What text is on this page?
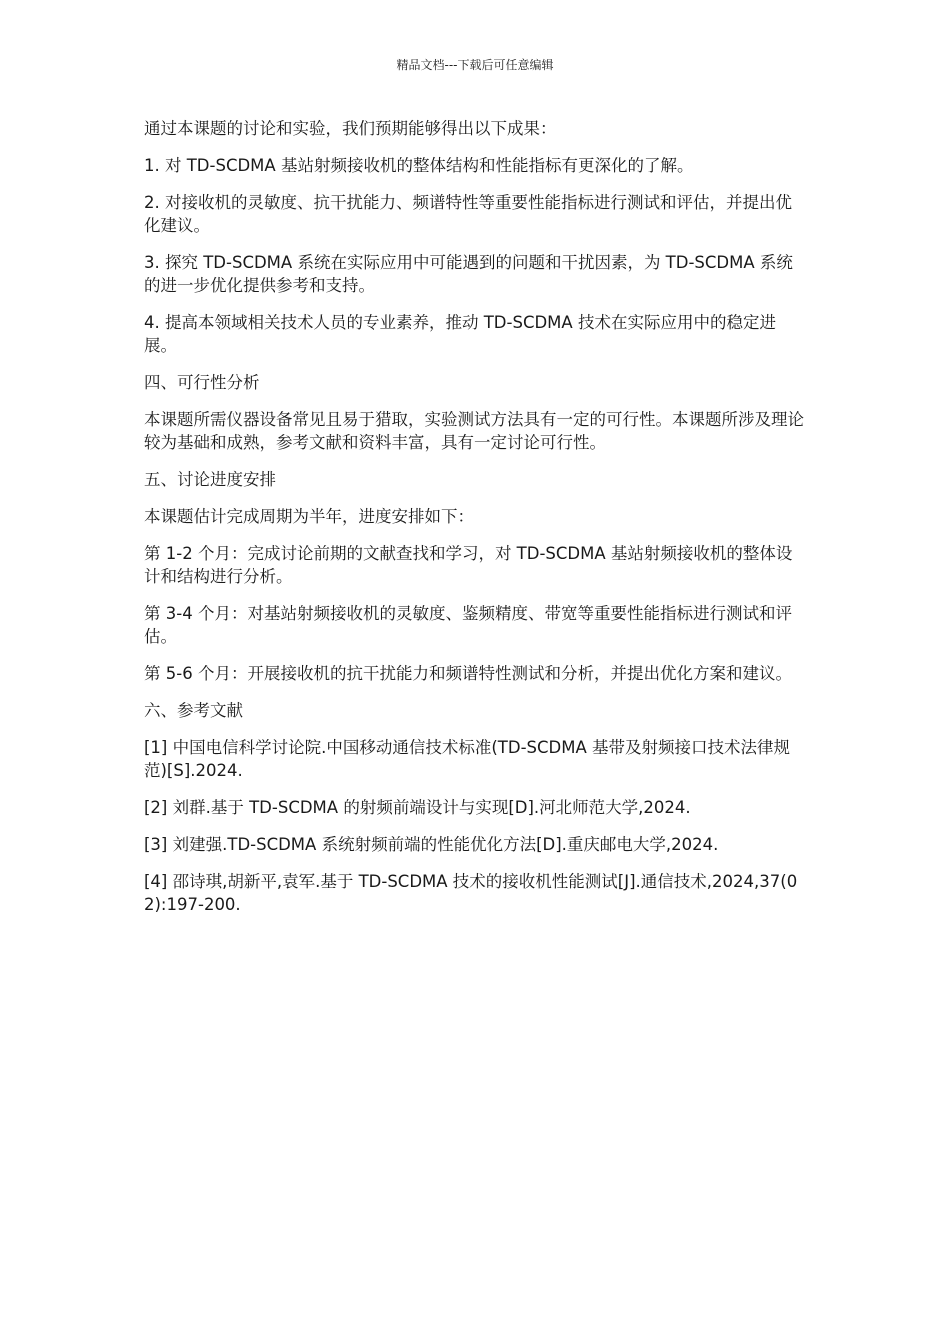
精品文档---下载后可任意编辑

通过本课题的讨论和实验，我们预期能够得出以下成果：

1. 对 TD-SCDMA 基站射频接收机的整体结构和性能指标有更深化的了解。

2. 对接收机的灵敏度、抗干扰能力、频谱特性等重要性能指标进行测试和评估，并提出优化建议。

3. 探究 TD-SCDMA 系统在实际应用中可能遇到的问题和干扰因素，为 TD-SCDMA 系统的进一步优化提供参考和支持。

4. 提高本领域相关技术人员的专业素养，推动 TD-SCDMA 技术在实际应用中的稳定进展。

四、可行性分析

本课题所需仪器设备常见且易于猎取，实验测试方法具有一定的可行性。本课题所涉及理论较为基础和成熟，参考文献和资料丰富，具有一定讨论可行性。

五、讨论进度安排

本课题估计完成周期为半年，进度安排如下：

第 1-2 个月：完成讨论前期的文献查找和学习，对 TD-SCDMA 基站射频接收机的整体设计和结构进行分析。

第 3-4 个月：对基站射频接收机的灵敏度、鉴频精度、带宽等重要性能指标进行测试和评估。

第 5-6 个月：开展接收机的抗干扰能力和频谱特性测试和分析，并提出优化方案和建议。

六、参考文献

[1] 中国电信科学讨论院.中国移动通信技术标准(TD-SCDMA 基带及射频接口技术法律规范)[S].2024.

[2] 刘群.基于 TD-SCDMA 的射频前端设计与实现[D].河北师范大学,2024.

[3] 刘建强.TD-SCDMA 系统射频前端的性能优化方法[D].重庆邮电大学,2024.

[4] 邵诗琪,胡新平,袁军.基于 TD-SCDMA 技术的接收机性能测试[J].通信技术,2024,37(02):197-200.
